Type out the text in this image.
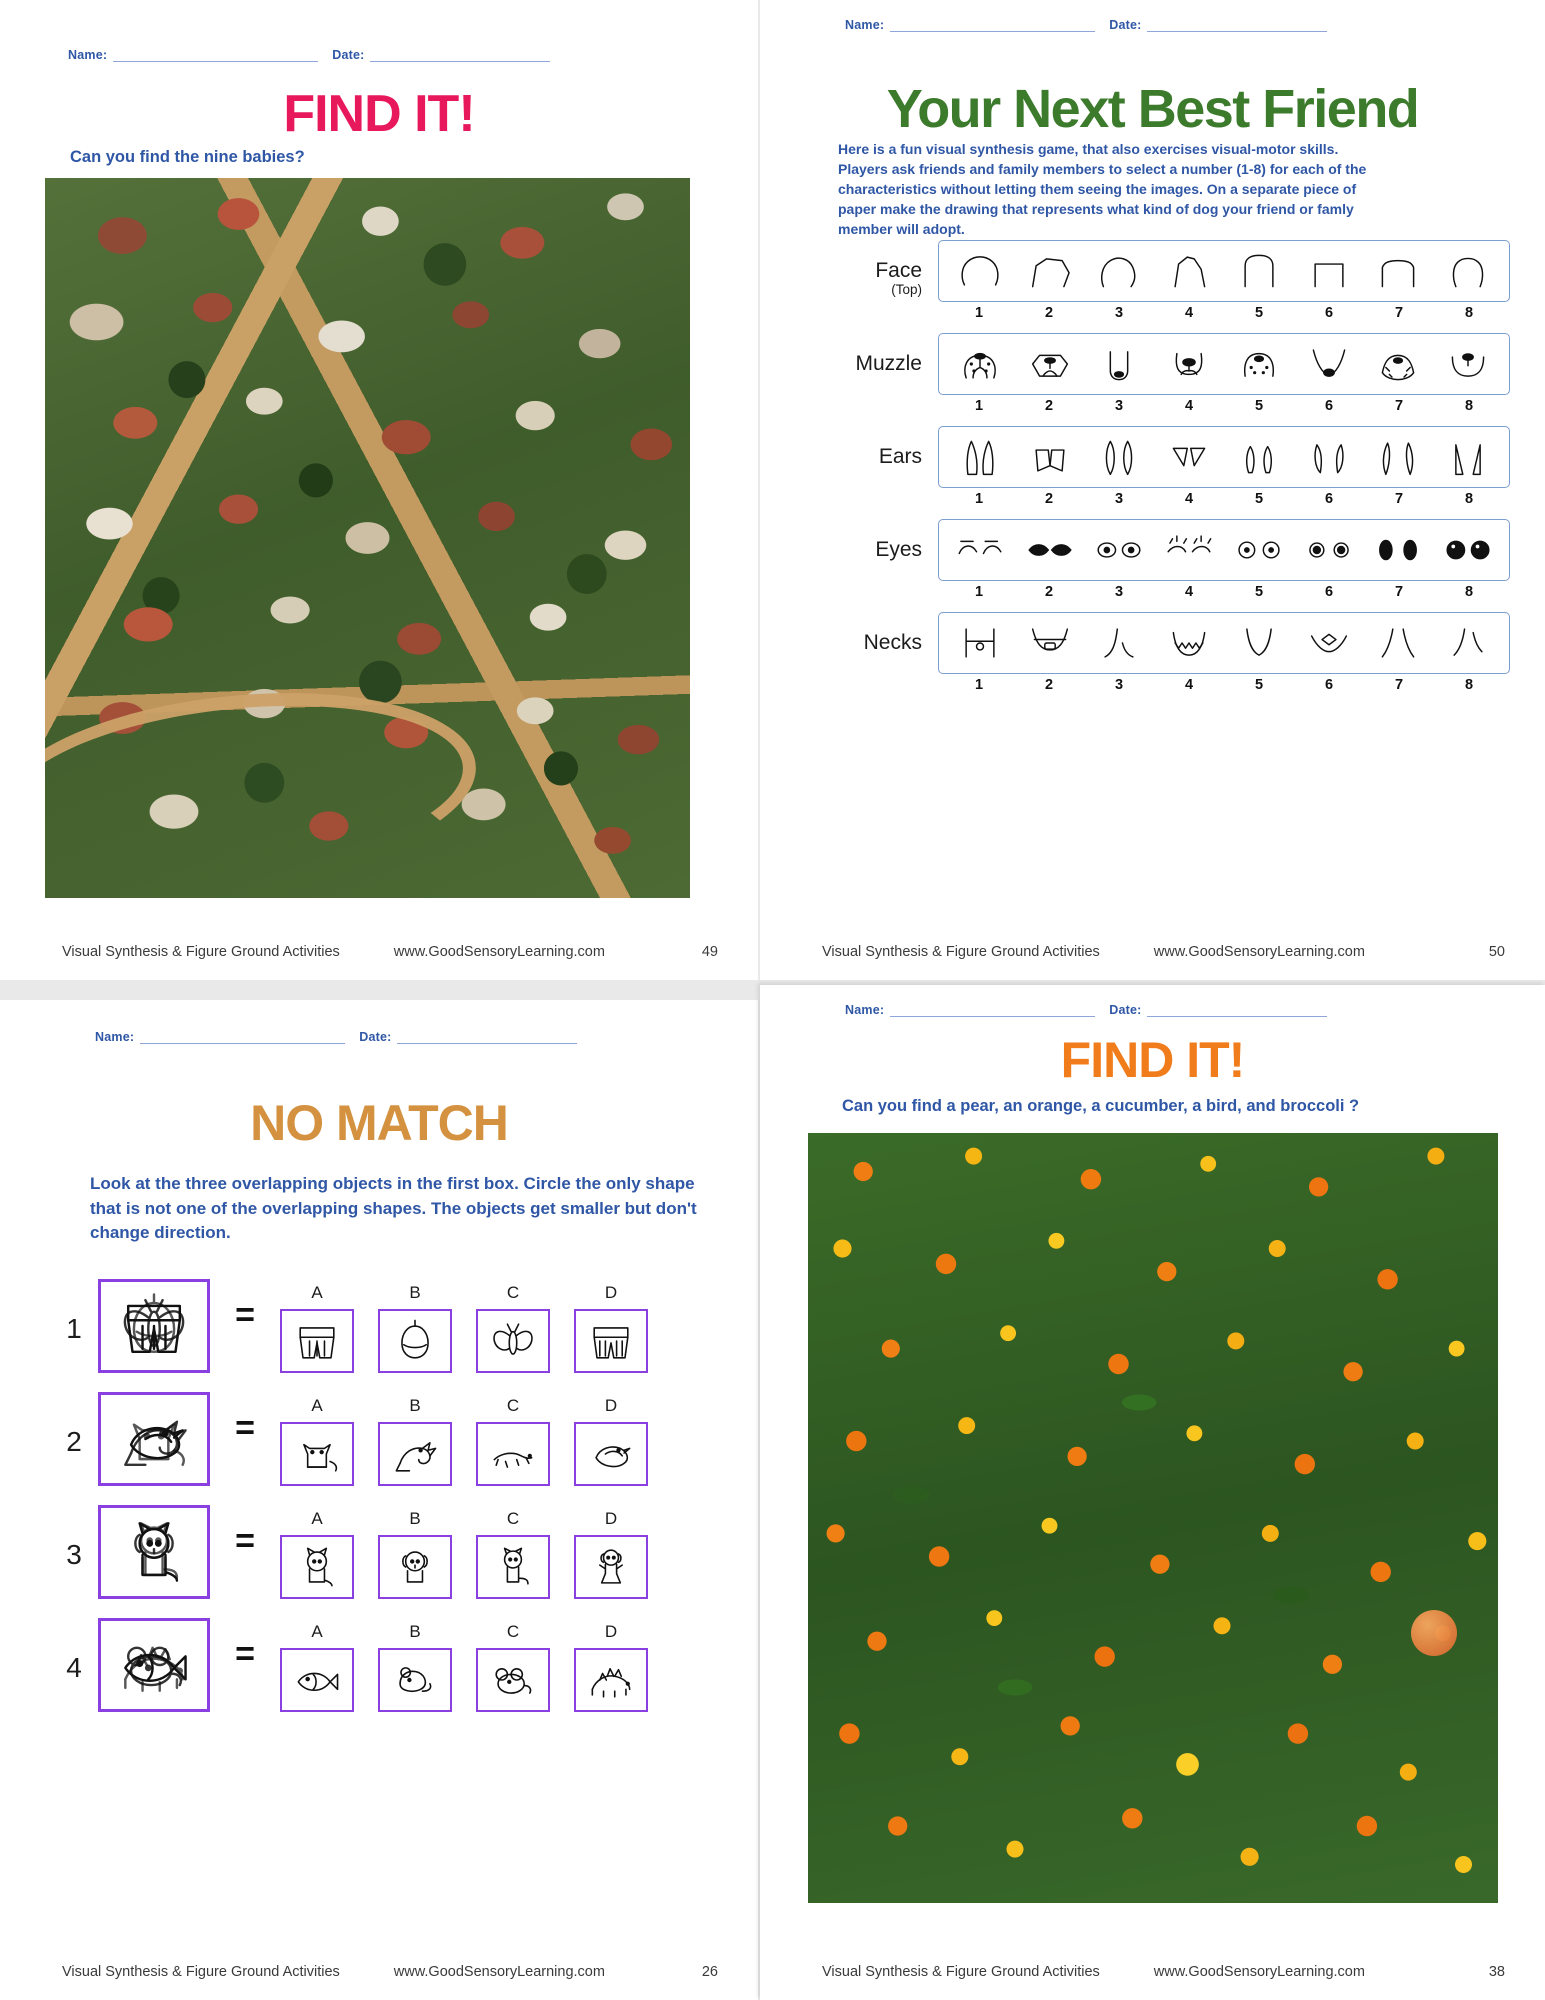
Name:	Date:
FIND IT!
Can you find the nine babies?
Visual Synthesis & Figure Ground Activities	www.GoodSensoryLearning.com	49
Name:	Date:
Your Next Best Friend
Here is a fun visual synthesis game, that also exercises visual-motor skills. Players ask friends and family members to select a number (1-8) for each of the characteristics without letting them seeing the images. On a separate piece of paper make the drawing that represents what kind of dog your friend or famly member will adopt.
Face
(Top)
1	2	3	4	5	6	7	8
Muzzle
1	2	3	4	5	6	7	8
Ears
1	2	3	4	5	6	7	8
Eyes
1	2	3	4	5	6	7	8
Necks
1	2	3	4	5	6	7	8
Visual Synthesis & Figure Ground Activities	www.GoodSensoryLearning.com	50
Name:	Date:
NO MATCH
Look at the three overlapping objects in the first box. Circle the only shape that is not one of the overlapping shapes. The objects get smaller but don't change direction.
1	=
A	B	C	D
2	=
A	B	C	D
3	=
A	B	C	D
4	=
A	B	C	D
Visual Synthesis & Figure Ground Activities	www.GoodSensoryLearning.com	26
Name:	Date:
FIND IT!
Can you find a pear, an orange, a cucumber, a bird, and broccoli ?
Visual Synthesis & Figure Ground Activities	www.GoodSensoryLearning.com	38
